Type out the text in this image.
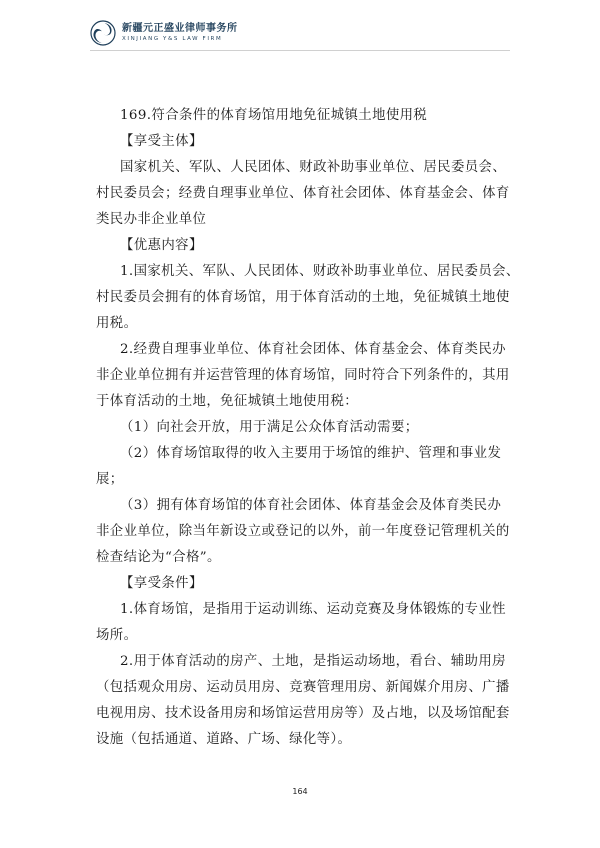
新疆元正盛业律师事务所
XINJIANG Y&S LAW FIRM
169.符合条件的体育场馆用地免征城镇土地使用税
【享受主体】
国家机关、军队、人民团体、财政补助事业单位、居民委员会、
村民委员会；经费自理事业单位、体育社会团体、体育基金会、体育
类民办非企业单位
【优惠内容】
1.国家机关、军队、人民团体、财政补助事业单位、居民委员会、
村民委员会拥有的体育场馆，用于体育活动的土地，免征城镇土地使
用税。
2.经费自理事业单位、体育社会团体、体育基金会、体育类民办
非企业单位拥有并运营管理的体育场馆，同时符合下列条件的，其用
于体育活动的土地，免征城镇土地使用税：
（1）向社会开放，用于满足公众体育活动需要；
（2）体育场馆取得的收入主要用于场馆的维护、管理和事业发
展；
（3）拥有体育场馆的体育社会团体、体育基金会及体育类民办
非企业单位，除当年新设立或登记的以外，前一年度登记管理机关的
检查结论为“合格”。
【享受条件】
1.体育场馆，是指用于运动训练、运动竞赛及身体锻炼的专业性
场所。
2.用于体育活动的房产、土地，是指运动场地，看台、辅助用房
（包括观众用房、运动员用房、竞赛管理用房、新闻媒介用房、广播
电视用房、技术设备用房和场馆运营用房等）及占地，以及场馆配套
设施（包括通道、道路、广场、绿化等）。
164
